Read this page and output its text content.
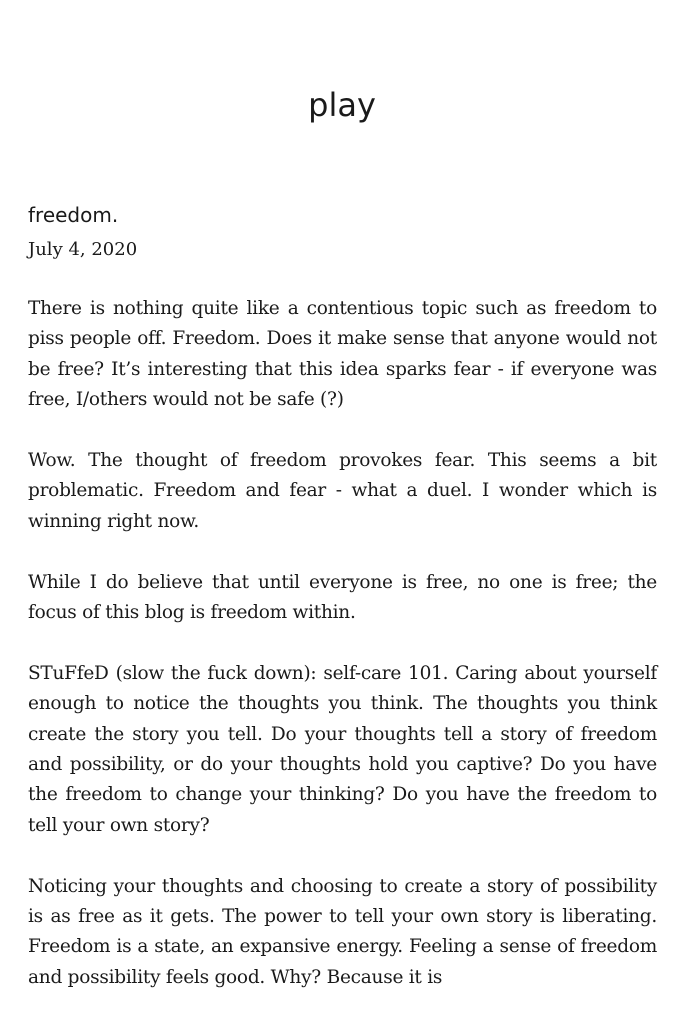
play
freedom.
July 4, 2020

There is nothing quite like a contentious topic such as freedom to piss people off. Freedom. Does it make sense that anyone would not be free? It’s interesting that this idea sparks fear - if everyone was free, I/others would not be safe (?)

Wow. The thought of freedom provokes fear. This seems a bit problematic. Freedom and fear - what a duel. I wonder which is winning right now.

While I do believe that until everyone is free, no one is free; the focus of this blog is freedom within.

STuFfeD (slow the fuck down): self-care 101. Caring about yourself enough to notice the thoughts you think. The thoughts you think create the story you tell. Do your thoughts tell a story of freedom and possibility, or do your thoughts hold you captive? Do you have the freedom to change your thinking? Do you have the freedom to tell your own story?

Noticing your thoughts and choosing to create a story of possibility is as free as it gets. The power to tell your own story is liberating. Freedom is a state, an expansive energy. Feeling a sense of freedom and possibility feels good. Why? Because it is
